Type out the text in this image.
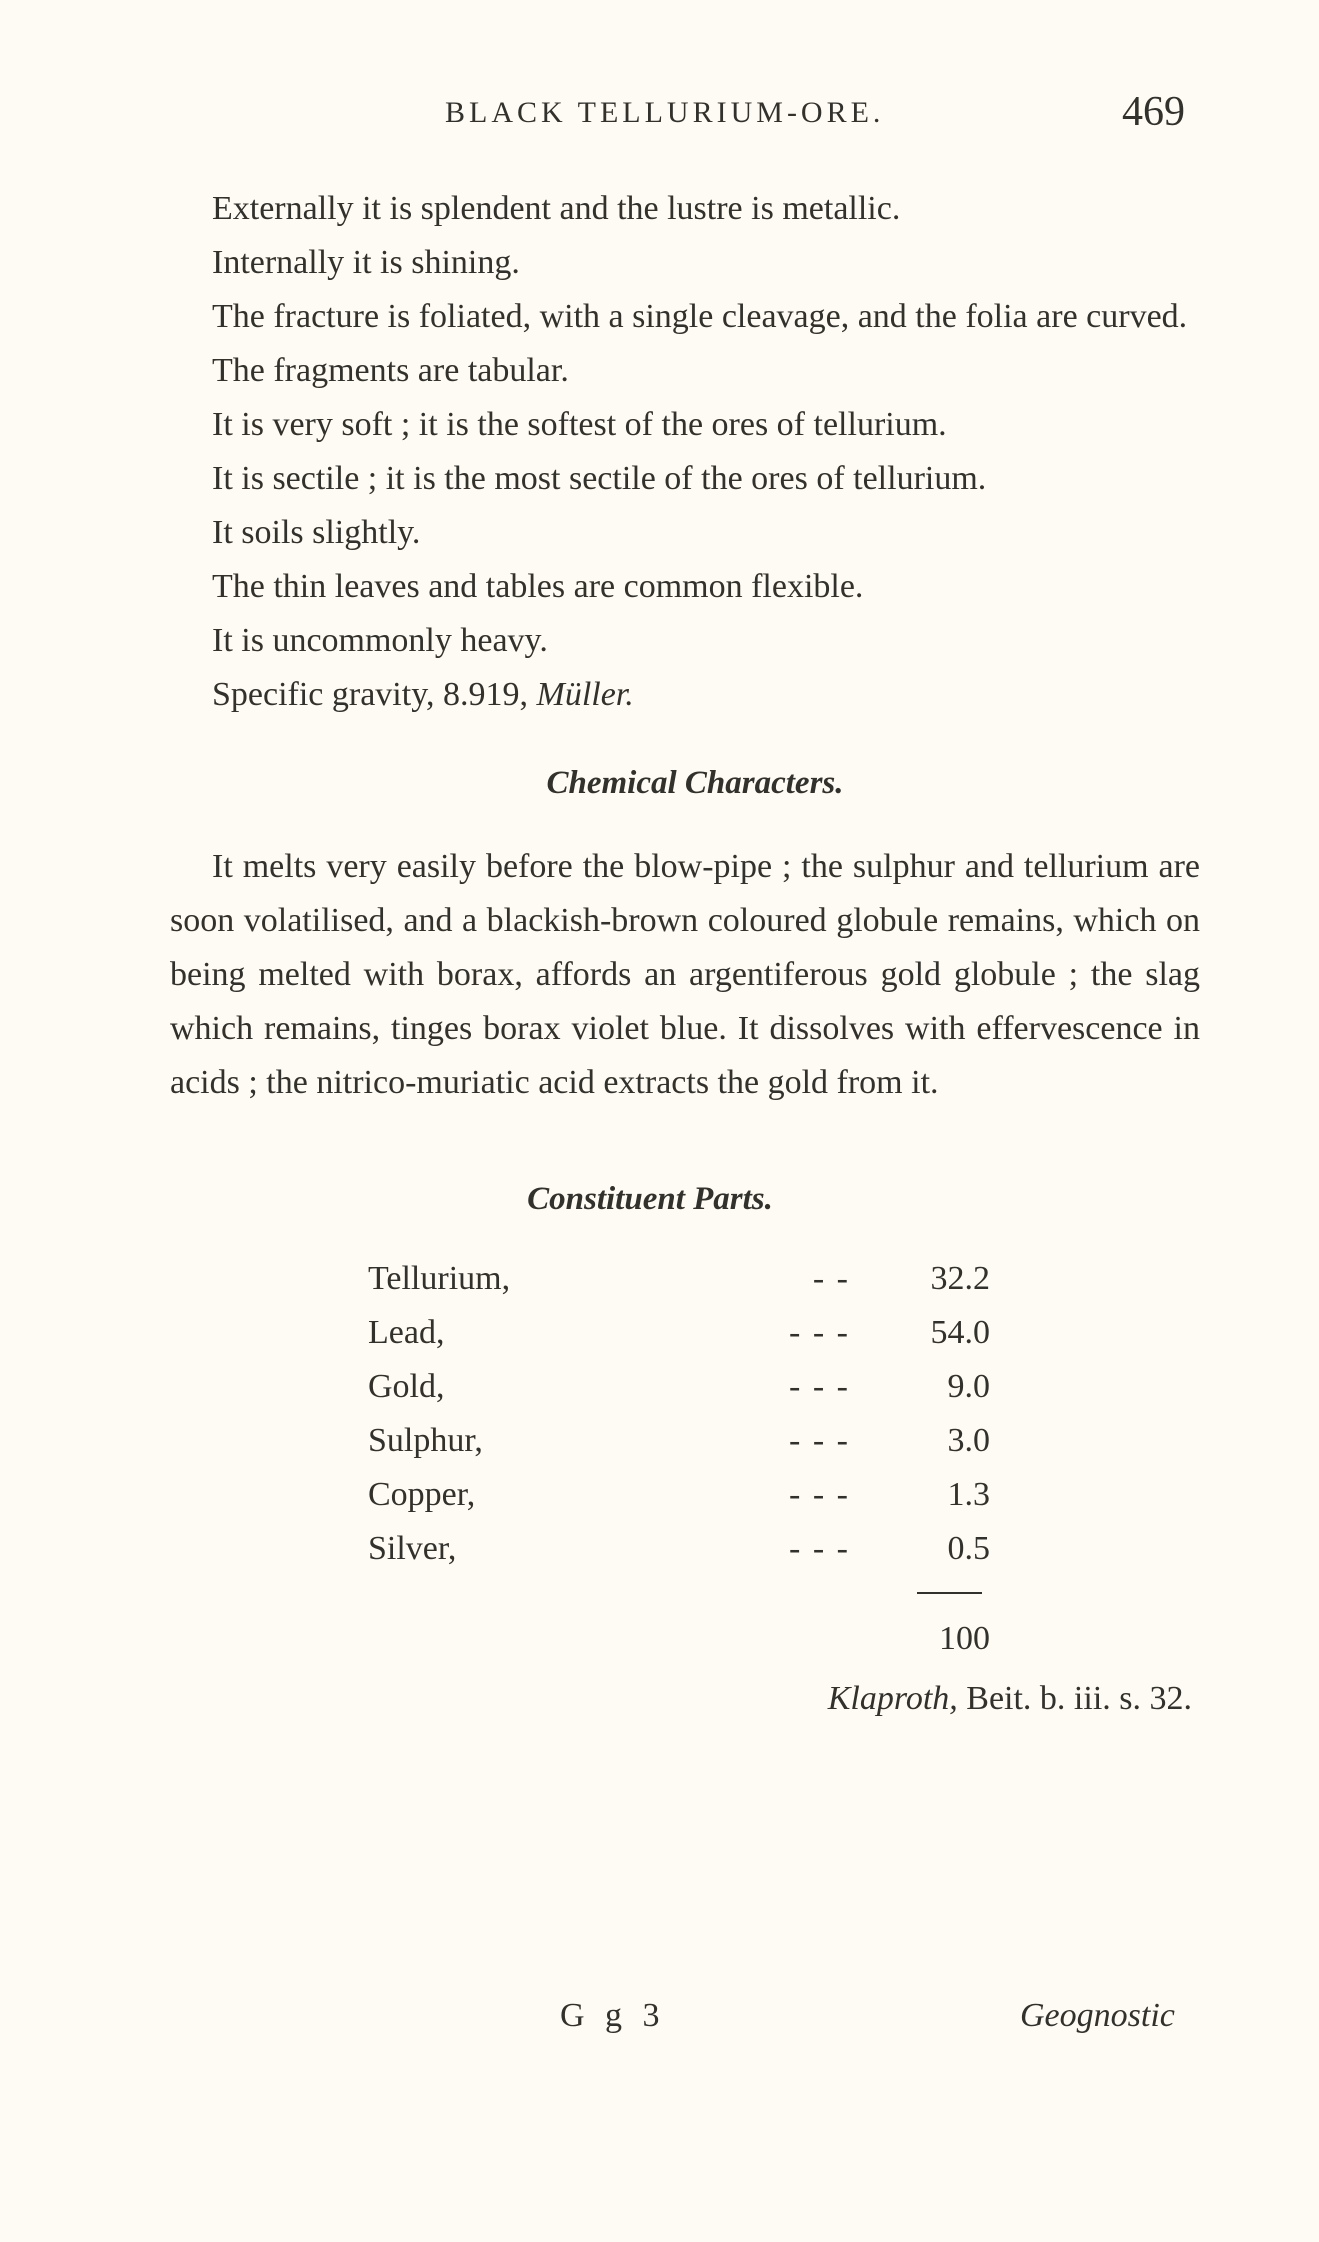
BLACK TELLURIUM-ORE.	469

Externally it is splendent and the lustre is metallic.

Internally it is shining.

The fracture is foliated, with a single cleavage, and the folia are curved.

The fragments are tabular.

It is very soft ; it is the softest of the ores of tellurium.

It is sectile ; it is the most sectile of the ores of tellurium.

It soils slightly.

The thin leaves and tables are common flexible.

It is uncommonly heavy.

Specific gravity, 8.919, Müller.

Chemical Characters.

It melts very easily before the blow-pipe ; the sulphur and tellurium are soon volatilised, and a blackish-brown coloured globule remains, which on being melted with borax, affords an argentiferous gold globule ; the slag which remains, tinges borax violet blue. It dissolves with effervescence in acids ; the nitrico-muriatic acid extracts the gold from it.

Constituent Parts.
Tellurium,	- -	32.2
Lead,	- - -	54.0
Gold,	- - -	9.0
Sulphur,	- - -	3.0
Copper,	- - -	1.3
Silver,	- - -	0.5
100

Klaproth, Beit. b. iii. s. 32.

G g 3	Geognostic
